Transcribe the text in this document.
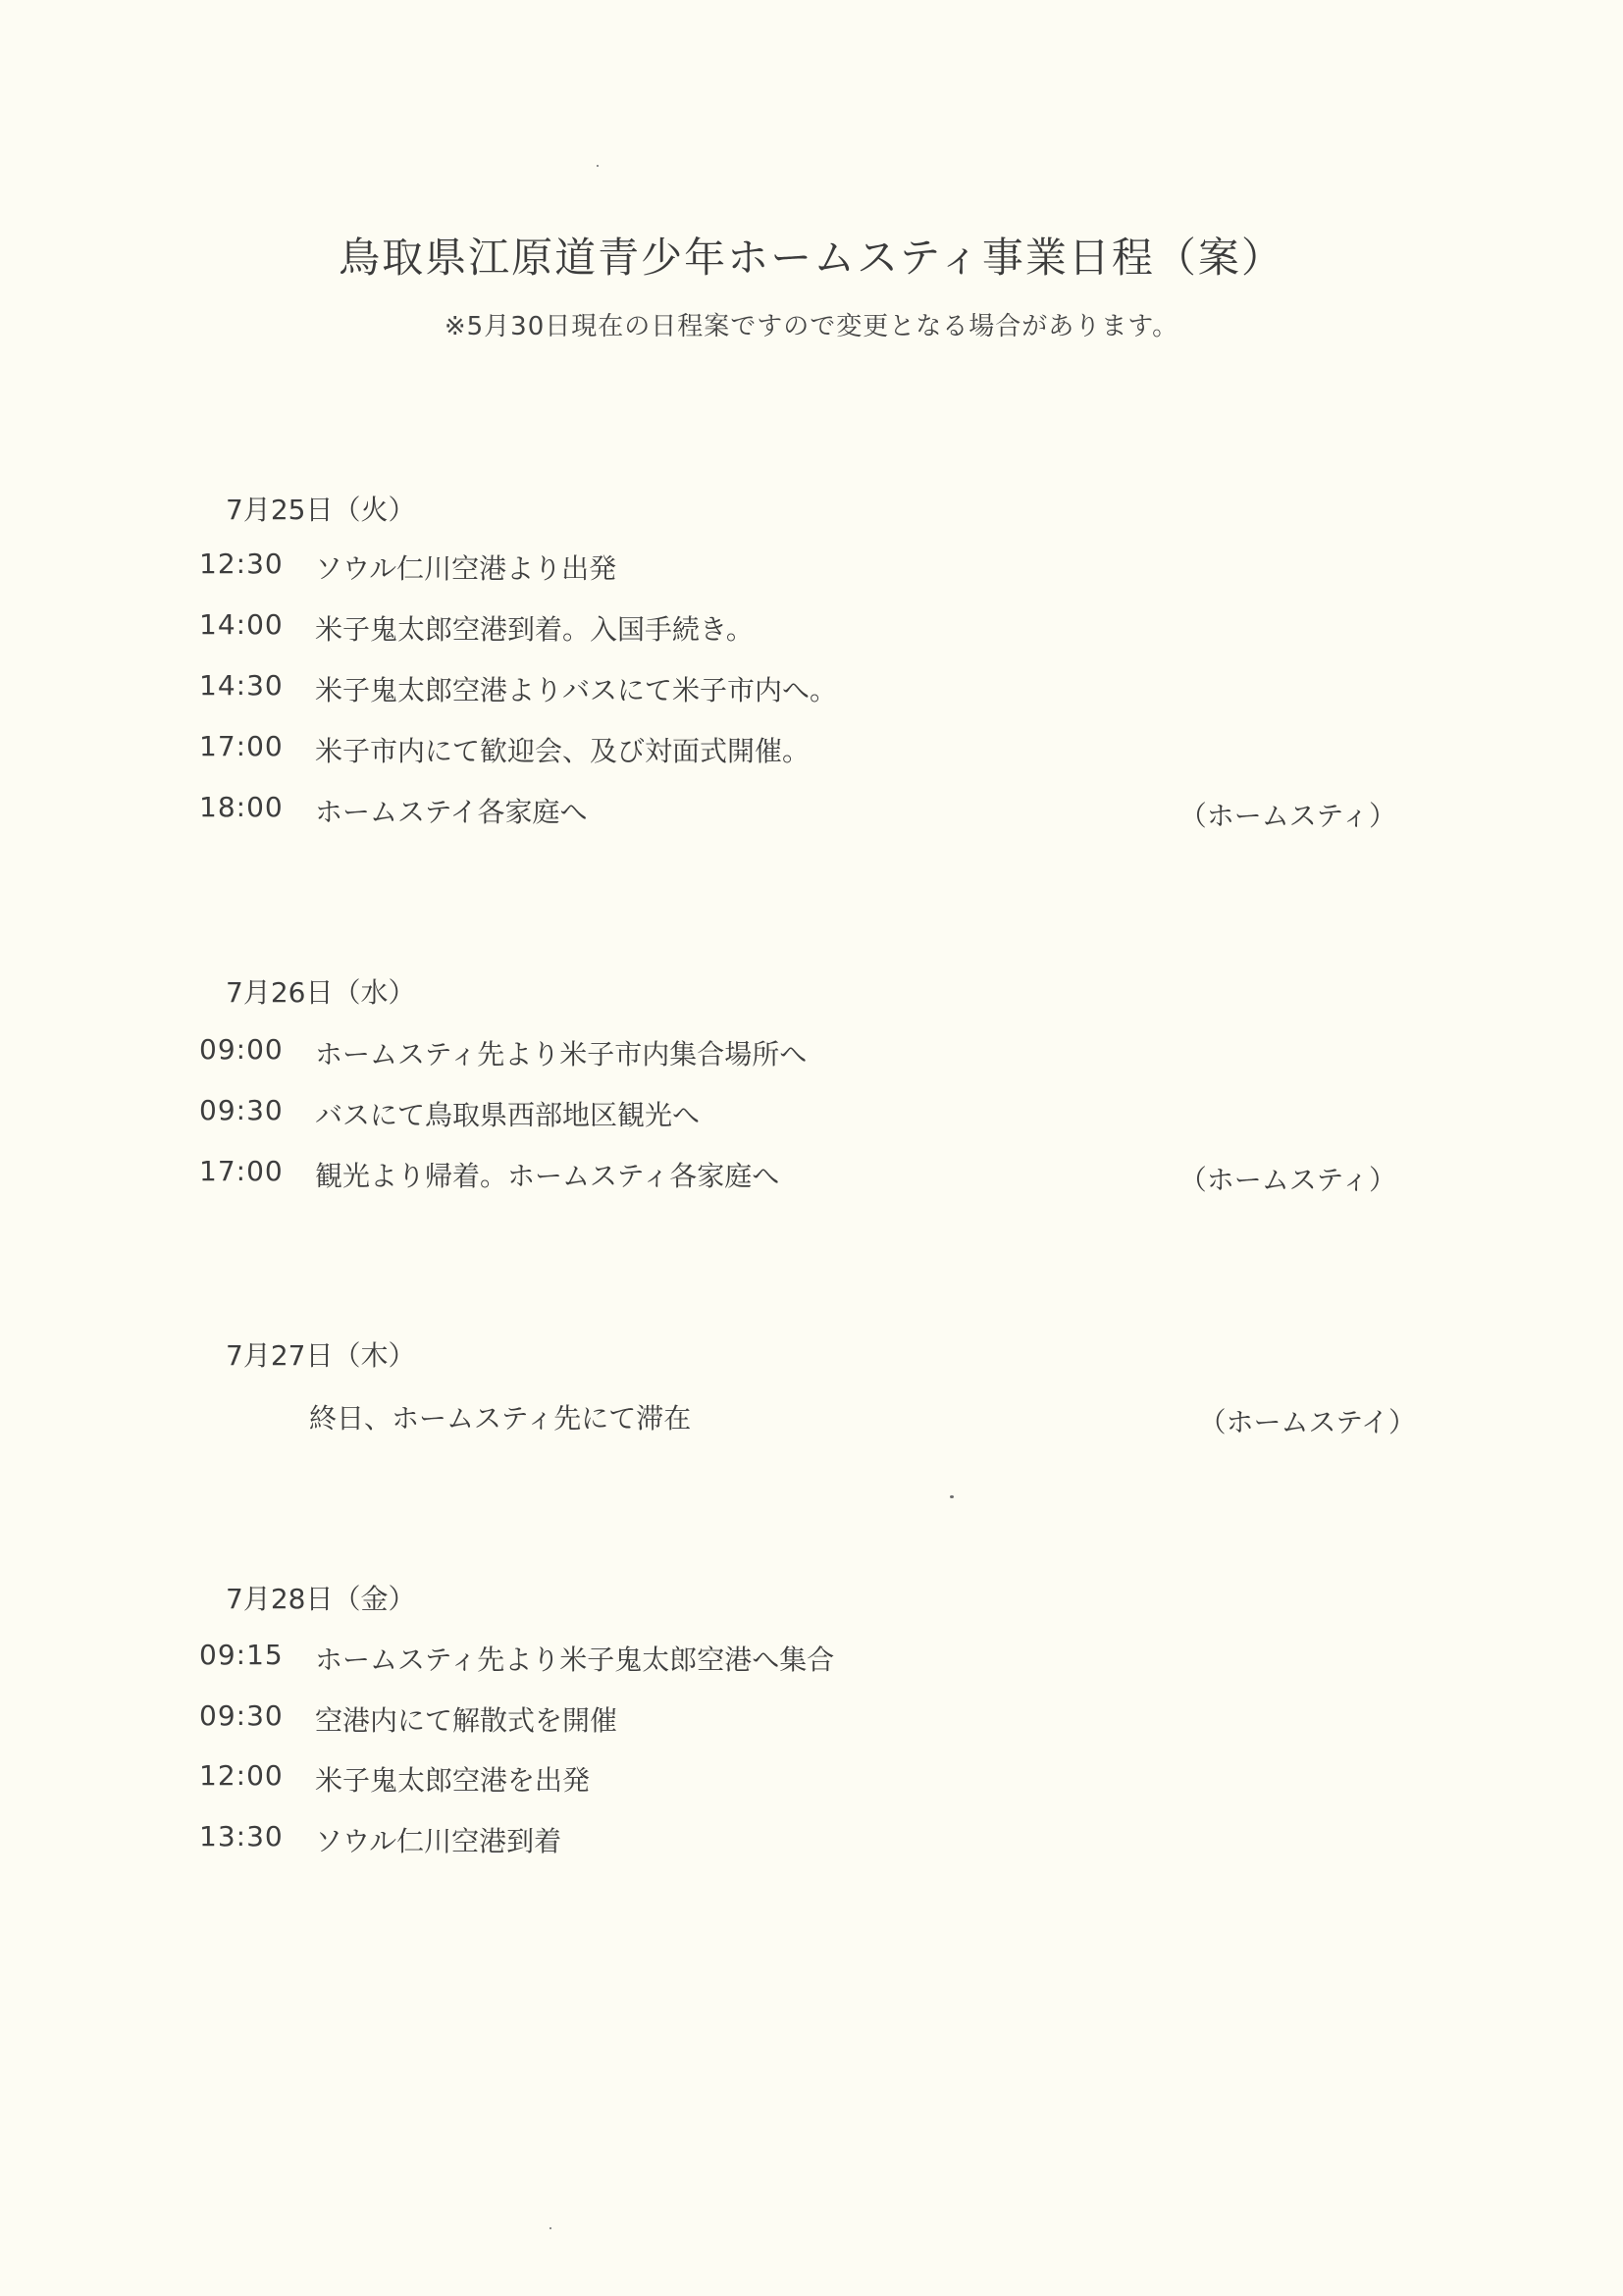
鳥取県江原道青少年ホームスティ事業日程（案）
※5月30日現在の日程案ですので変更となる場合があります。
7月25日（火）
12:30 ソウル仁川空港より出発
14:00 米子鬼太郎空港到着。入国手続き。
14:30 米子鬼太郎空港よりバスにて米子市内へ。
17:00 米子市内にて歓迎会、及び対面式開催。
18:00 ホームステイ各家庭へ	（ホームスティ）
7月26日（水）
09:00 ホームスティ先より米子市内集合場所へ
09:30 バスにて鳥取県西部地区観光へ
17:00 観光より帰着。ホームスティ各家庭へ	（ホームスティ）
7月27日（木）
終日、ホームスティ先にて滞在	（ホームステイ）
7月28日（金）
09:15 ホームスティ先より米子鬼太郎空港へ集合
09:30 空港内にて解散式を開催
12:00 米子鬼太郎空港を出発
13:30 ソウル仁川空港到着
